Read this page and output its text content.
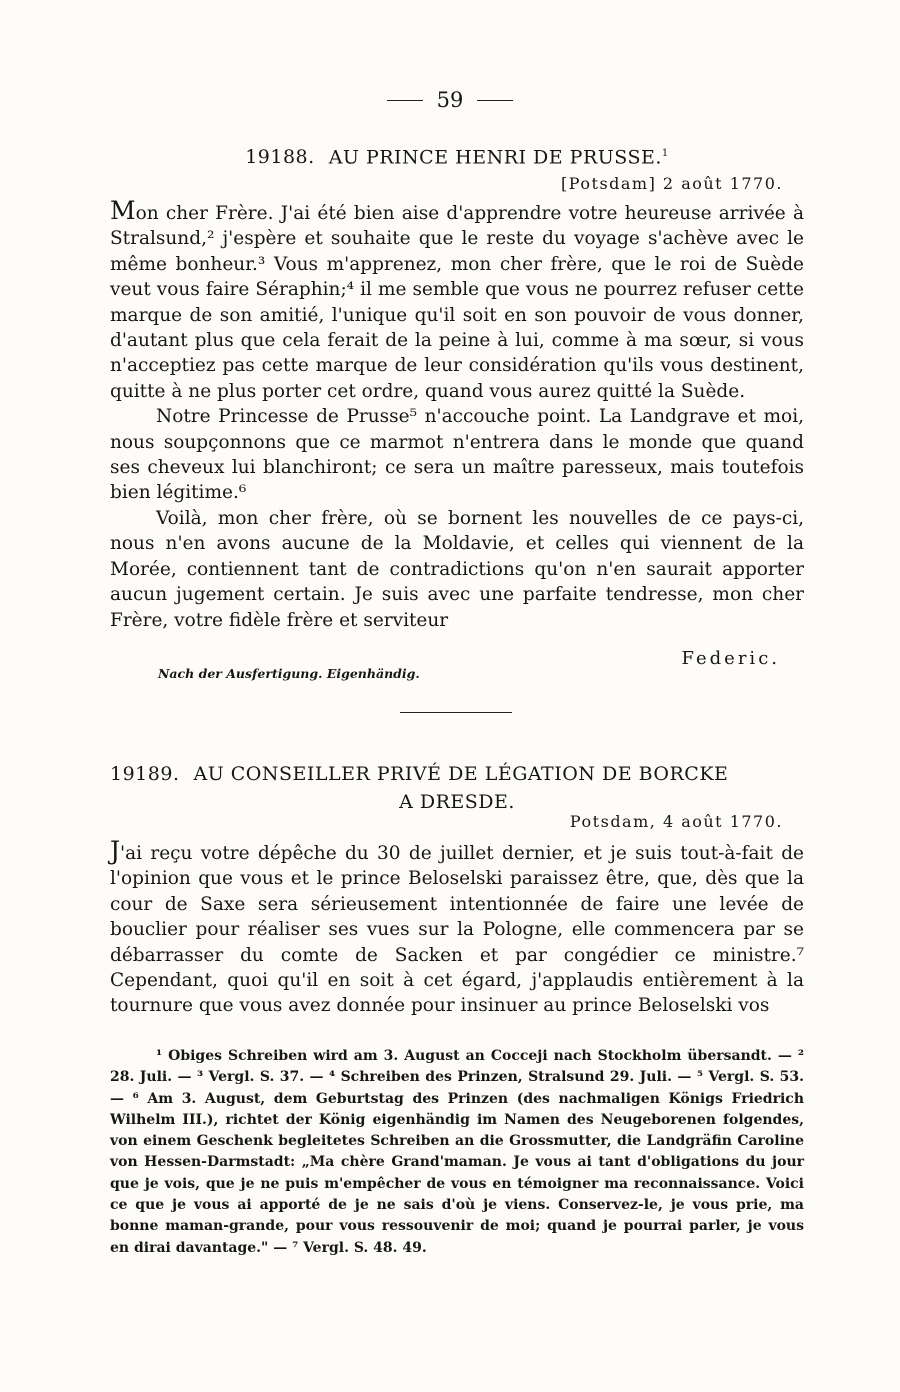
59
19188. AU PRINCE HENRI DE PRUSSE.$^1$
[Potsdam] 2 août 1770.

Mon cher Frère. J'ai été bien aise d'apprendre votre heureuse arrivée à Stralsund,² j'espère et souhaite que le reste du voyage s'achève avec le même bonheur.³ Vous m'apprenez, mon cher frère, que le roi de Suède veut vous faire Séraphin;⁴ il me semble que vous ne pourrez refuser cette marque de son amitié, l'unique qu'il soit en son pouvoir de vous donner, d'autant plus que cela ferait de la peine à lui, comme à ma sœur, si vous n'acceptiez pas cette marque de leur considération qu'ils vous destinent, quitte à ne plus porter cet ordre, quand vous aurez quitté la Suède.

Notre Princesse de Prusse⁵ n'accouche point. La Landgrave et moi, nous soupçonnons que ce marmot n'entrera dans le monde que quand ses cheveux lui blanchiront; ce sera un maître paresseux, mais toutefois bien légitime.⁶

Voilà, mon cher frère, où se bornent les nouvelles de ce pays-ci, nous n'en avons aucune de la Moldavie, et celles qui viennent de la Morée, contiennent tant de contradictions qu'on n'en saurait apporter aucun jugement certain. Je suis avec une parfaite tendresse, mon cher Frère, votre fidèle frère et serviteur

Federic.
Nach der Ausfertigung. Eigenhändig.
19189. AU CONSEILLER PRIVÉ DE LÉGATION DE BORCKE
A DRESDE.
Potsdam, 4 août 1770.

J'ai reçu votre dépêche du 30 de juillet dernier, et je suis tout-à-fait de l'opinion que vous et le prince Beloselski paraissez être, que, dès que la cour de Saxe sera sérieusement intentionnée de faire une levée de bouclier pour réaliser ses vues sur la Pologne, elle commencera par se débarrasser du comte de Sacken et par congédier ce ministre.⁷ Cependant, quoi qu'il en soit à cet égard, j'applaudis entièrement à la tournure que vous avez donnée pour insinuer au prince Beloselski vos

¹ Obiges Schreiben wird am 3. August an Cocceji nach Stockholm übersandt. — ² 28. Juli. — ³ Vergl. S. 37. — ⁴ Schreiben des Prinzen, Stralsund 29. Juli. — ⁵ Vergl. S. 53. — ⁶ Am 3. August, dem Geburtstag des Prinzen (des nachmaligen Königs Friedrich Wilhelm III.), richtet der König eigenhändig im Namen des Neugeborenen folgendes, von einem Geschenk begleitetes Schreiben an die Grossmutter, die Landgräfin Caroline von Hessen-Darmstadt: „Ma chère Grand'maman. Je vous ai tant d'obligations du jour que je vois, que je ne puis m'empêcher de vous en témoigner ma reconnaissance. Voici ce que je vous ai apporté de je ne sais d'où je viens. Conservez-le, je vous prie, ma bonne maman-grande, pour vous ressouvenir de moi; quand je pourrai parler, je vous en dirai davantage." — ⁷ Vergl. S. 48. 49.
